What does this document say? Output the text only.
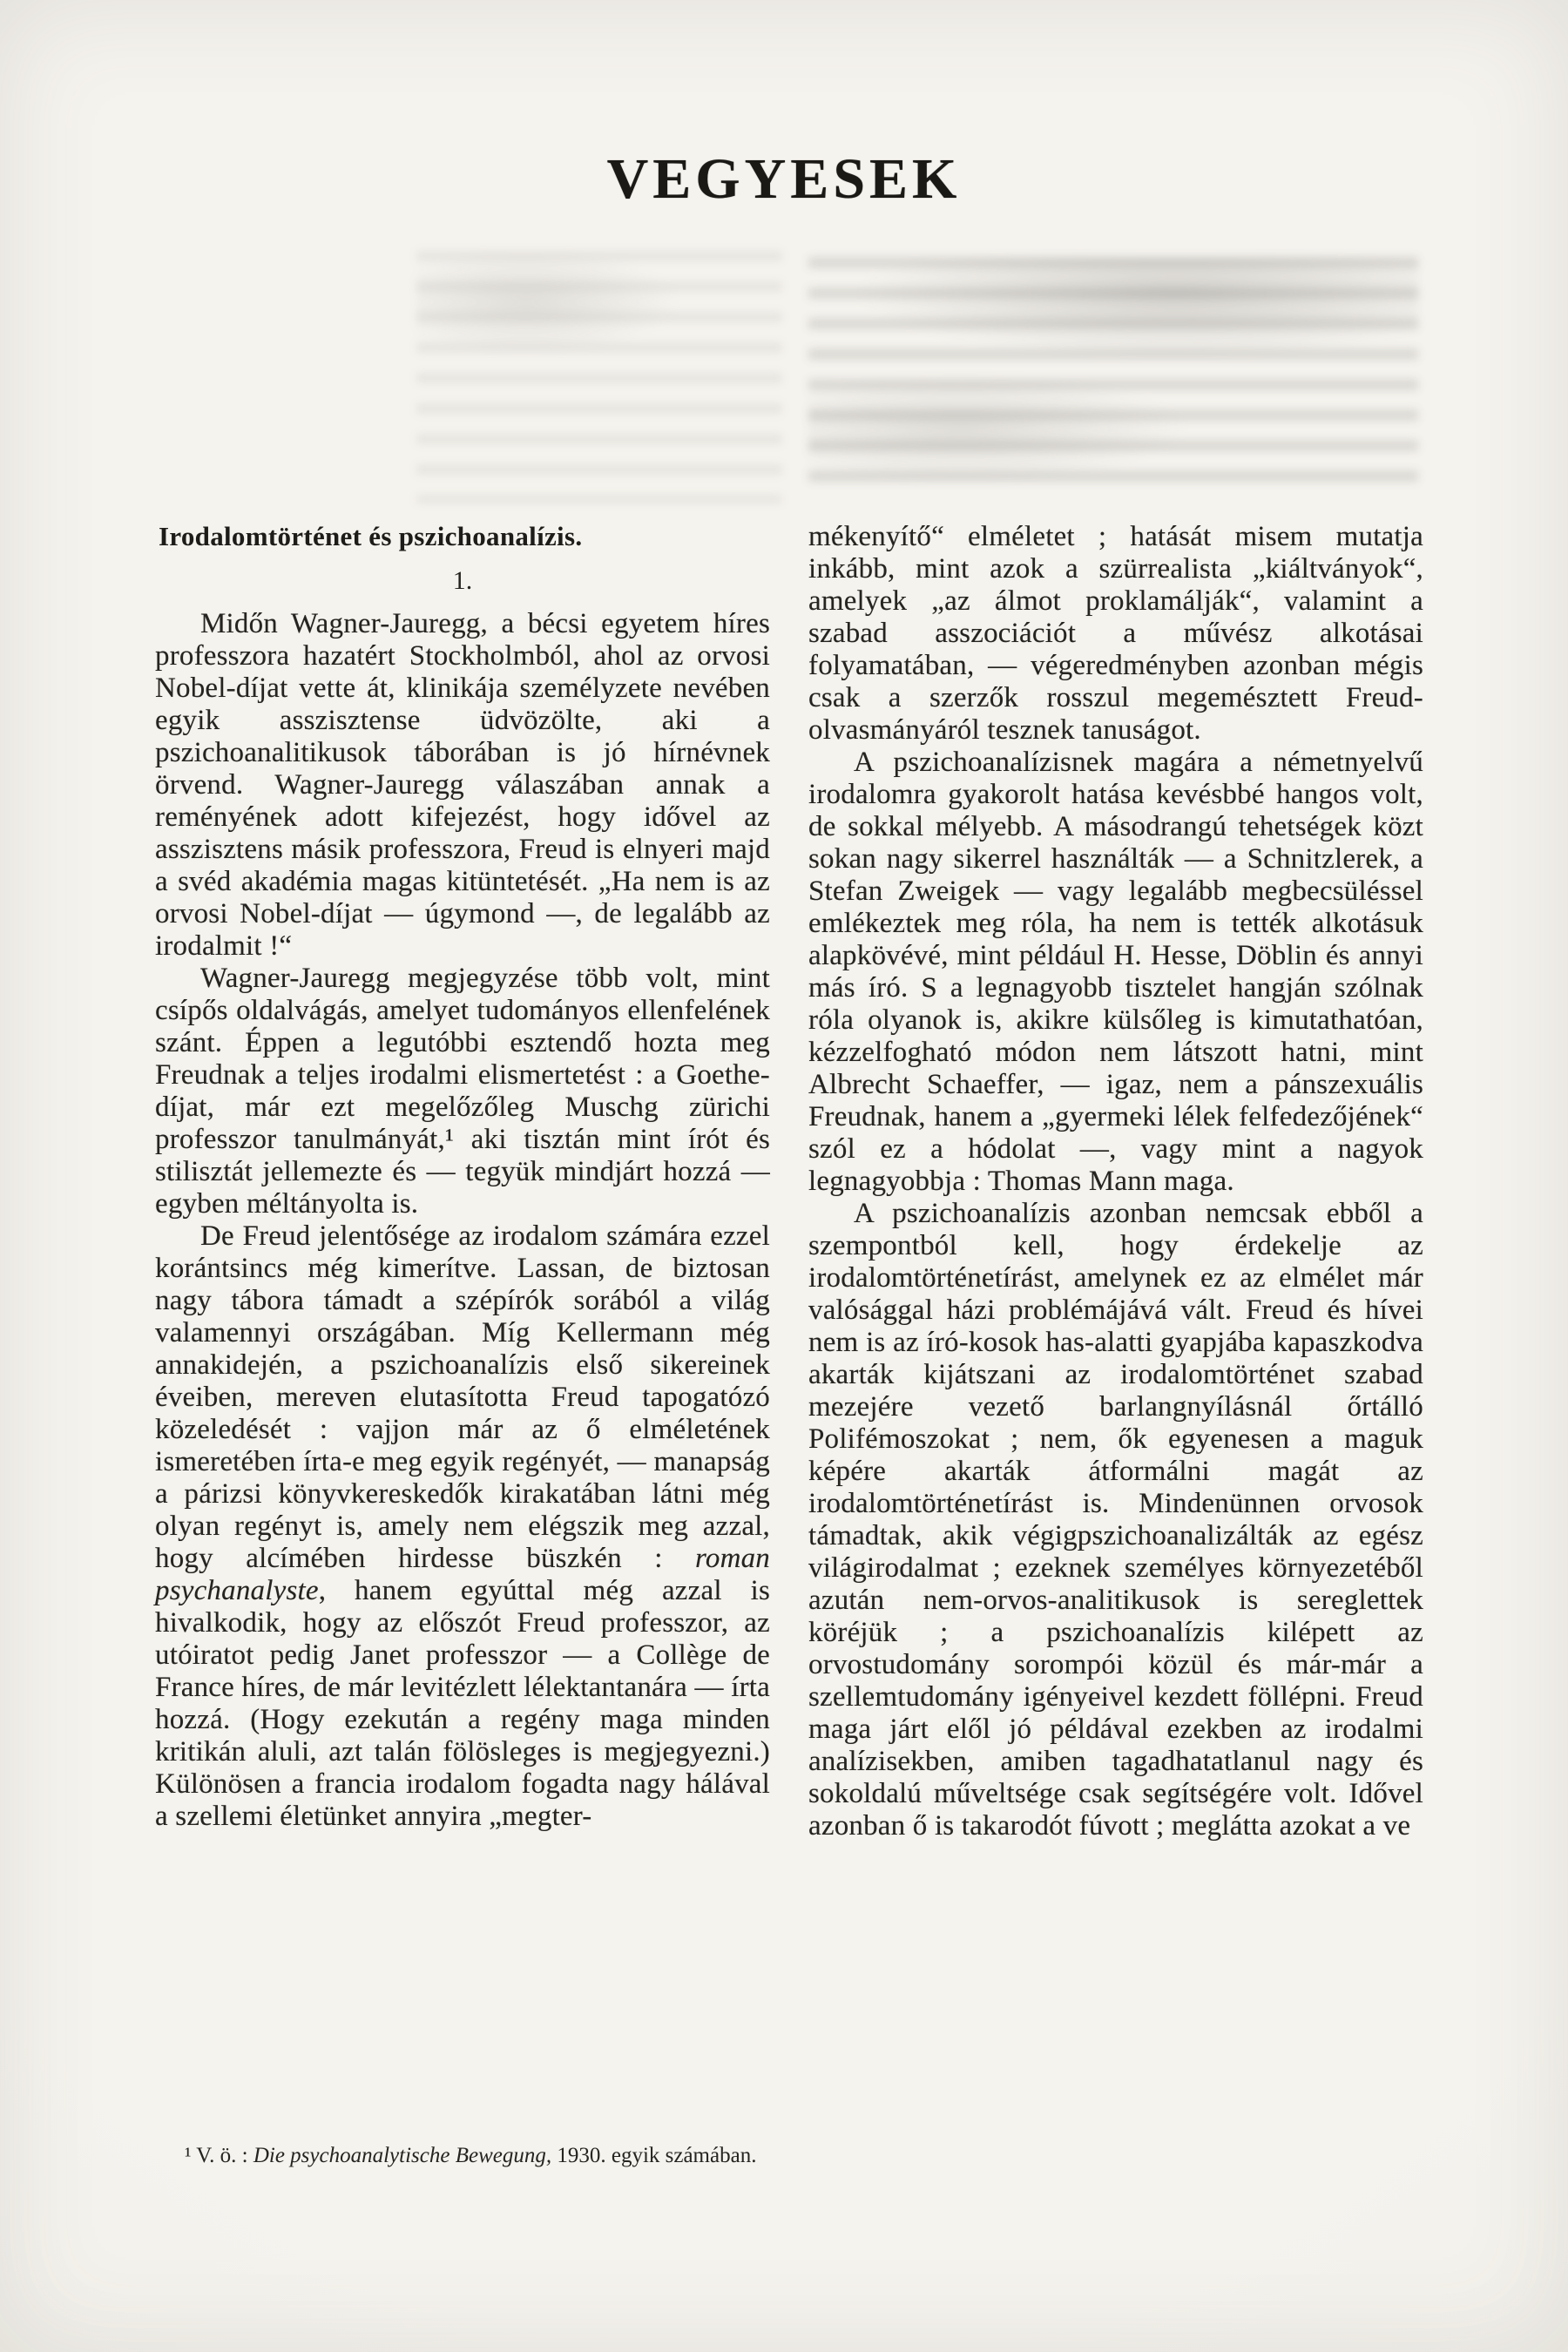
VEGYESEK
Irodalomtörténet és pszichoanalízis.
1.

Midőn Wagner-Jauregg, a bécsi egyetem híres professzora hazatért Stockholmból, ahol az orvosi Nobel-díjat vette át, klinikája személyzete nevében egyik asszisztense üdvözölte, aki a pszichoanalitikusok táborában is jó hírnévnek örvend. Wagner-Jauregg válaszában annak a reményének adott kifejezést, hogy idővel az asszisztens másik professzora, Freud is elnyeri majd a svéd akadémia magas kitüntetését. „Ha nem is az orvosi Nobel-díjat — úgymond —, de legalább az irodalmit !“

Wagner-Jauregg megjegyzése több volt, mint csípős oldalvágás, amelyet tudományos ellenfelének szánt. Éppen a legutóbbi esztendő hozta meg Freudnak a teljes irodalmi elismertetést : a Goethe-díjat, már ezt megelőzőleg Muschg zürichi professzor tanulmányát,¹ aki tisztán mint írót és stilisztát jellemezte és — tegyük mindjárt hozzá — egyben méltányolta is.

De Freud jelentősége az irodalom számára ezzel korántsincs még kimerítve. Lassan, de biztosan nagy tábora támadt a szépírók sorából a világ valamennyi országában. Míg Kellermann még annakidején, a pszichoanalízis első sikereinek éveiben, mereven elutasította Freud tapogatózó közeledését : vajjon már az ő elméletének ismeretében írta-e meg egyik regényét, — manapság a párizsi könyvkereskedők kirakatában látni még olyan regényt is, amely nem elégszik meg azzal, hogy alcímében hirdesse büszkén : roman psychanalyste, hanem egyúttal még azzal is hivalkodik, hogy az előszót Freud professzor, az utóiratot pedig Janet professzor — a Collège de France híres, de már levitézlett lélektantanára — írta hozzá. (Hogy ezekután a regény maga minden kritikán aluli, azt talán fölösleges is megjegyezni.) Különösen a francia irodalom fogadta nagy hálával a szellemi életünket annyira „megter-

¹ V. ö. : Die psychoanalytische Bewegung, 1930. egyik számában.

mékenyítő“ elméletet ; hatását misem mutatja inkább, mint azok a szürrealista „kiáltványok“, amelyek „az álmot proklamálják“, valamint a szabad asszociációt a művész alkotásai folyamatában, — végeredményben azonban mégis csak a szerzők rosszul megemésztett Freud-olvasmányáról tesznek tanuságot.

A pszichoanalízisnek magára a németnyelvű irodalomra gyakorolt hatása kevésbbé hangos volt, de sokkal mélyebb. A másodrangú tehetségek közt sokan nagy sikerrel használták — a Schnitzlerek, a Stefan Zweigek — vagy legalább megbecsüléssel emlékeztek meg róla, ha nem is tették alkotásuk alapkövévé, mint például H. Hesse, Döblin és annyi más író. S a legnagyobb tisztelet hangján szólnak róla olyanok is, akikre külsőleg is kimutathatóan, kézzelfogható módon nem látszott hatni, mint Albrecht Schaeffer, — igaz, nem a pánszexuális Freudnak, hanem a „gyermeki lélek felfedezőjének“ szól ez a hódolat —, vagy mint a nagyok legnagyobbja : Thomas Mann maga.

A pszichoanalízis azonban nemcsak ebből a szempontból kell, hogy érdekelje az irodalomtörténetírást, amelynek ez az elmélet már valósággal házi problémájává vált. Freud és hívei nem is az író-kosok has-alatti gyapjába kapaszkodva akarták kijátszani az irodalomtörténet szabad mezejére vezető barlangnyílásnál őrtálló Polifémoszokat ; nem, ők egyenesen a maguk képére akarták átformálni magát az irodalomtörténetírást is. Mindenünnen orvosok támadtak, akik végigpszichoanalizálták az egész világirodalmat ; ezeknek személyes környezetéből azután nem-orvos-analitikusok is sereglettek köréjük ; a pszichoanalízis kilépett az orvostudomány sorompói közül és már-már a szellemtudomány igényeivel kezdett föllépni. Freud maga járt elől jó példával ezekben az irodalmi analízisekben, amiben tagadhatatlanul nagy és sokoldalú műveltsége csak segítségére volt. Idővel azonban ő is takarodót fúvott ; meglátta azokat a ve
